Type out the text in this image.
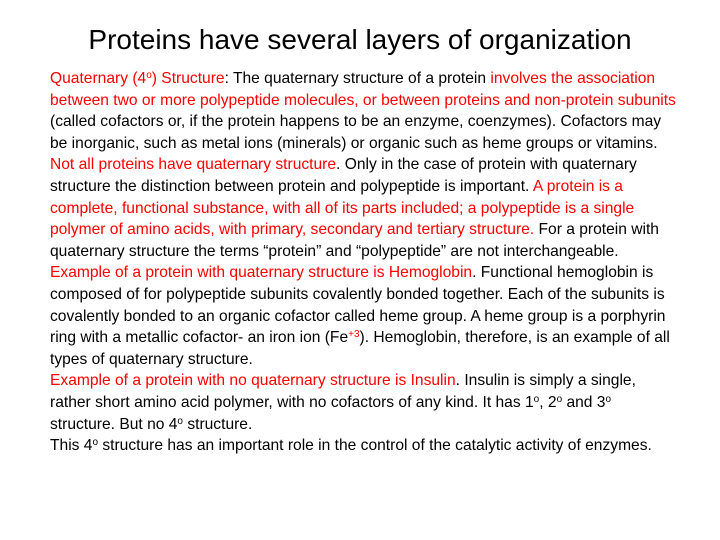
Proteins have several layers of organization

Quaternary (4$^o$) Structure: The quaternary structure of a protein involves the association between two or more polypeptide molecules, or between proteins and non-protein subunits (called cofactors or, if the protein happens to be an enzyme, coenzymes). Cofactors may be inorganic, such as metal ions (minerals) or organic such as heme groups or vitamins. Not all proteins have quaternary structure. Only in the case of protein with quaternary structure the distinction between protein and polypeptide is important. A protein is a complete, functional substance, with all of its parts included; a polypeptide is a single polymer of amino acids, with primary, secondary and tertiary structure. For a protein with quaternary structure the terms “protein” and “polypeptide” are not interchangeable.

Example of a protein with quaternary structure is Hemoglobin. Functional hemoglobin is composed of for polypeptide subunits covalently bonded together. Each of the subunits is covalently bonded to an organic cofactor called heme group. A heme group is a porphyrin ring with a metallic cofactor- an iron ion $(Fe^{+3})$. Hemoglobin, therefore, is an example of all types of quaternary structure.

Example of a protein with no quaternary structure is Insulin. Insulin is simply a single, rather short amino acid polymer, with no cofactors of any kind. It has 1$^o$, 2$^o$ and 3$^o$ structure. But no 4$^o$ structure.

This 4$^o$ structure has an important role in the control of the catalytic activity of enzymes.
